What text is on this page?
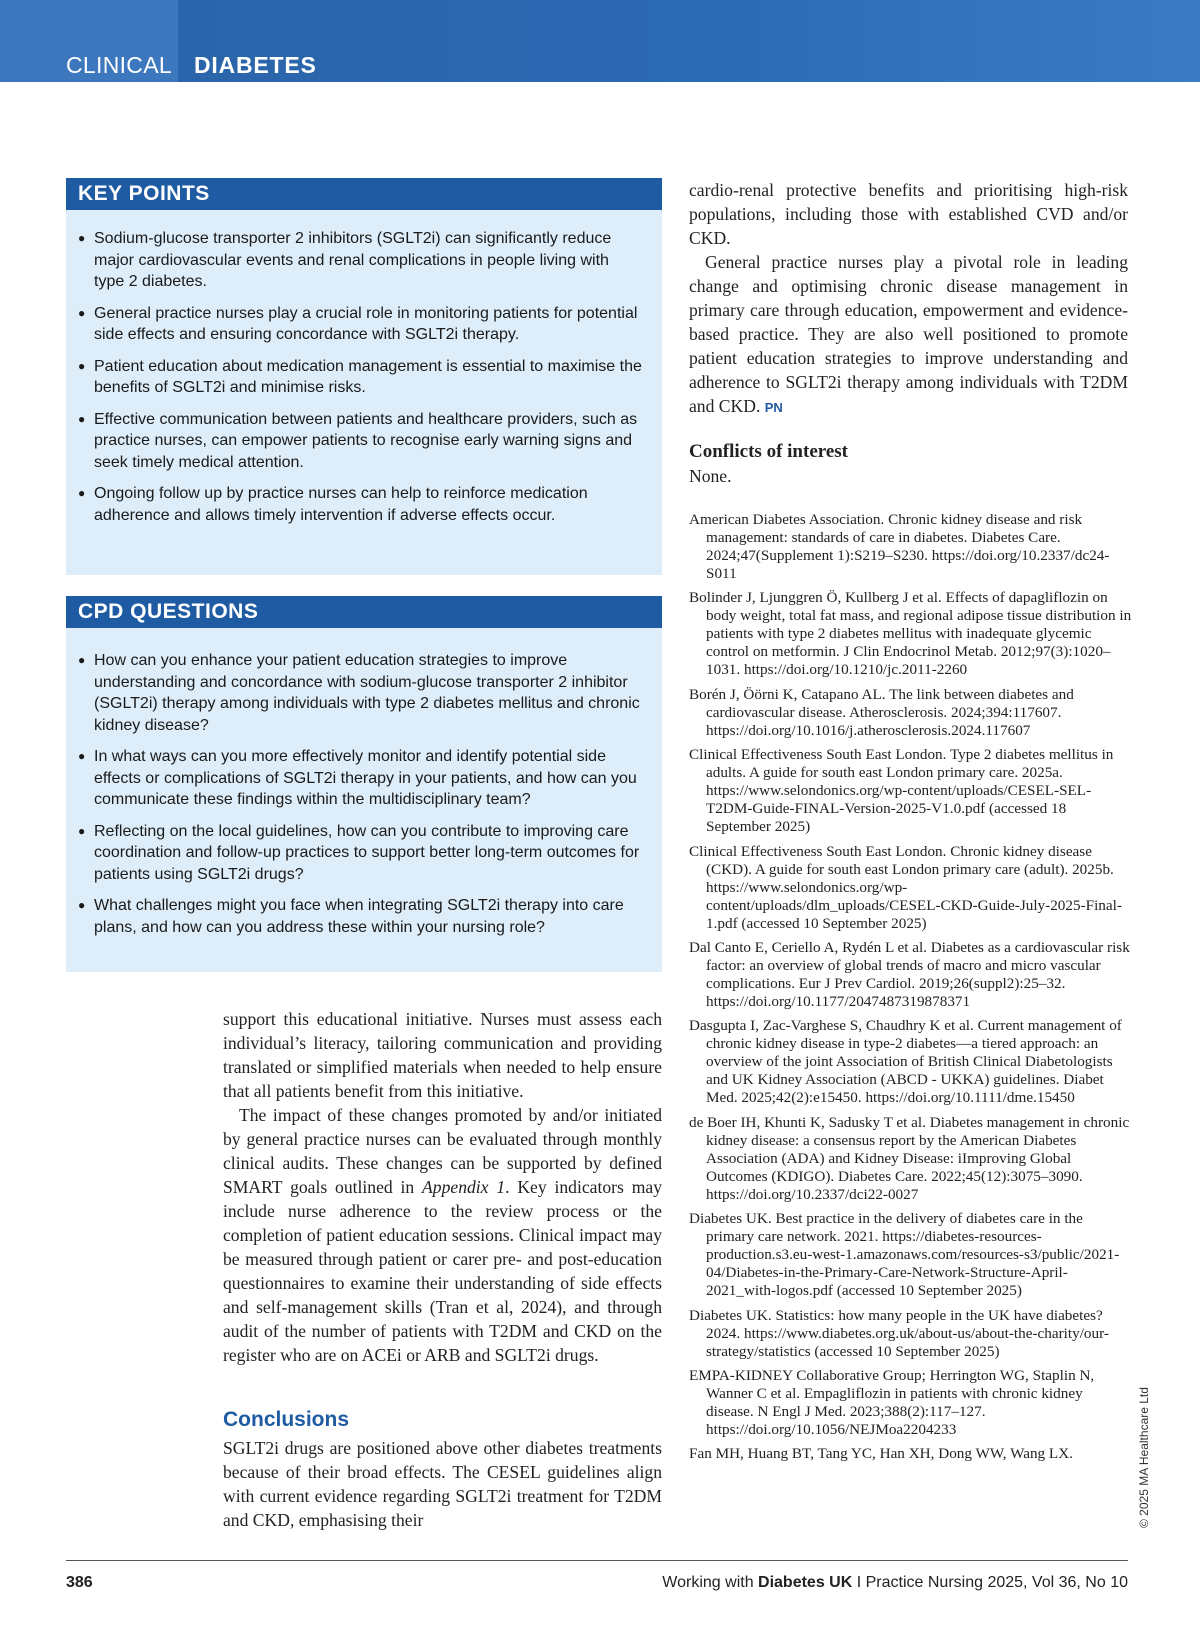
CLINICAL DIABETES
KEY POINTS
● Sodium-glucose transporter 2 inhibitors (SGLT2i) can significantly reduce major cardiovascular events and renal complications in people living with type 2 diabetes.
● General practice nurses play a crucial role in monitoring patients for potential side effects and ensuring concordance with SGLT2i therapy.
● Patient education about medication management is essential to maximise the benefits of SGLT2i and minimise risks.
● Effective communication between patients and healthcare providers, such as practice nurses, can empower patients to recognise early warning signs and seek timely medical attention.
● Ongoing follow up by practice nurses can help to reinforce medication adherence and allows timely intervention if adverse effects occur.
CPD QUESTIONS
● How can you enhance your patient education strategies to improve understanding and concordance with sodium-glucose transporter 2 inhibitor (SGLT2i) therapy among individuals with type 2 diabetes mellitus and chronic kidney disease?
● In what ways can you more effectively monitor and identify potential side effects or complications of SGLT2i therapy in your patients, and how can you communicate these findings within the multidisciplinary team?
● Reflecting on the local guidelines, how can you contribute to improving care coordination and follow-up practices to support better long-term outcomes for patients using SGLT2i drugs?
● What challenges might you face when integrating SGLT2i therapy into care plans, and how can you address these within your nursing role?

support this educational initiative. Nurses must assess each individual’s literacy, tailoring communication and providing translated or simplified materials when needed to help ensure that all patients benefit from this initiative.

The impact of these changes promoted by and/or initiated by general practice nurses can be evaluated through monthly clinical audits. These changes can be supported by defined SMART goals outlined in Appendix 1. Key indicators may include nurse adherence to the review process or the completion of patient education sessions. Clinical impact may be measured through patient or carer pre- and post-education questionnaires to examine their understanding of side effects and self-management skills (Tran et al, 2024), and through audit of the number of patients with T2DM and CKD on the register who are on ACEi or ARB and SGLT2i drugs.

Conclusions

SGLT2i drugs are positioned above other diabetes treatments because of their broad effects. The CESEL guidelines align with current evidence regarding SGLT2i treatment for T2DM and CKD, emphasising their

cardio-renal protective benefits and prioritising high-risk populations, including those with established CVD and/or CKD.

General practice nurses play a pivotal role in leading change and optimising chronic disease management in primary care through education, empowerment and evidence-based practice. They are also well positioned to promote patient education strategies to improve understanding and adherence to SGLT2i therapy among individuals with T2DM and CKD. PN

Conflicts of interest
None.
American Diabetes Association. Chronic kidney disease and risk management: standards of care in diabetes. Diabetes Care. 2024;47(Supplement 1):S219–S230. https://doi.org/10.2337/dc24-S011
Bolinder J, Ljunggren Ö, Kullberg J et al. Effects of dapagliflozin on body weight, total fat mass, and regional adipose tissue distribution in patients with type 2 diabetes mellitus with inadequate glycemic control on metformin. J Clin Endocrinol Metab. 2012;97(3):1020–1031. https://doi.org/10.1210/jc.2011-2260
Borén J, Öörni K, Catapano AL. The link between diabetes and cardiovascular disease. Atherosclerosis. 2024;394:117607. https://doi.org/10.1016/j.atherosclerosis.2024.117607
Clinical Effectiveness South East London. Type 2 diabetes mellitus in adults. A guide for south east London primary care. 2025a. https://www.selondonics.org/wp-content/uploads/CESEL-SEL-T2DM-Guide-FINAL-Version-2025-V1.0.pdf (accessed 18 September 2025)
Clinical Effectiveness South East London. Chronic kidney disease (CKD). A guide for south east London primary care (adult). 2025b. https://www.selondonics.org/wp-content/uploads/dlm_uploads/CESEL-CKD-Guide-July-2025-Final-1.pdf (accessed 10 September 2025)
Dal Canto E, Ceriello A, Rydén L et al. Diabetes as a cardiovascular risk factor: an overview of global trends of macro and micro vascular complications. Eur J Prev Cardiol. 2019;26(suppl2):25–32. https://doi.org/10.1177/2047487319878371
Dasgupta I, Zac-Varghese S, Chaudhry K et al. Current management of chronic kidney disease in type-2 diabetes—a tiered approach: an overview of the joint Association of British Clinical Diabetologists and UK Kidney Association (ABCD - UKKA) guidelines. Diabet Med. 2025;42(2):e15450. https://doi.org/10.1111/dme.15450
de Boer IH, Khunti K, Sadusky T et al. Diabetes management in chronic kidney disease: a consensus report by the American Diabetes Association (ADA) and Kidney Disease: iImproving Global Outcomes (KDIGO). Diabetes Care. 2022;45(12):3075–3090. https://doi.org/10.2337/dci22-0027
Diabetes UK. Best practice in the delivery of diabetes care in the primary care network. 2021. https://diabetes-resources-production.s3.eu-west-1.amazonaws.com/resources-s3/public/2021-04/Diabetes-in-the-Primary-Care-Network-Structure-April-2021_with-logos.pdf (accessed 10 September 2025)
Diabetes UK. Statistics: how many people in the UK have diabetes? 2024. https://www.diabetes.org.uk/about-us/about-the-charity/our-strategy/statistics (accessed 10 September 2025)
EMPA-KIDNEY Collaborative Group; Herrington WG, Staplin N, Wanner C et al. Empagliflozin in patients with chronic kidney disease. N Engl J Med. 2023;388(2):117–127. https://doi.org/10.1056/NEJMoa2204233
Fan MH, Huang BT, Tang YC, Han XH, Dong WW, Wang LX.	© 2025 MA Healthcare Ltd
386	Working with Diabetes UK I Practice Nursing 2025, Vol 36, No 10
